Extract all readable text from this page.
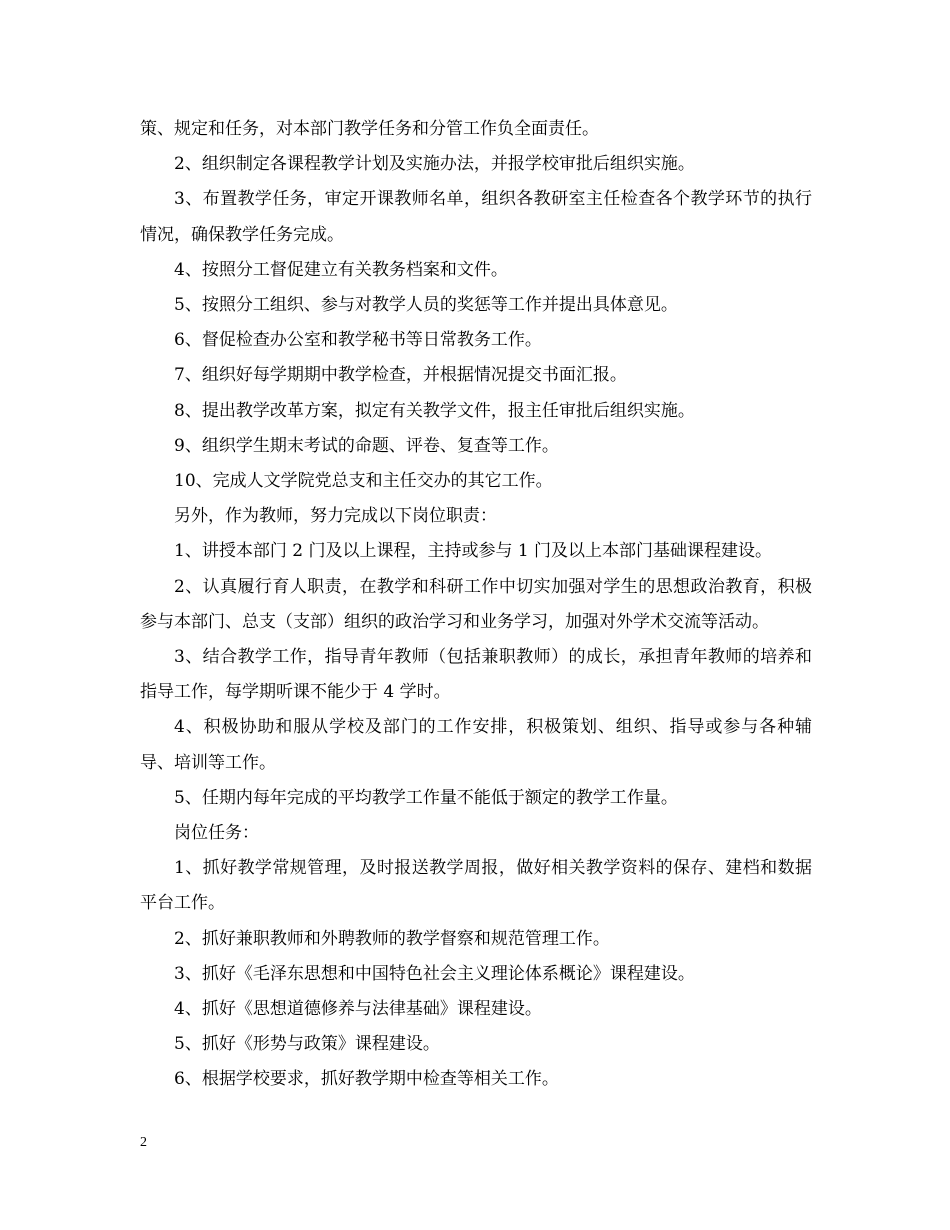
策、规定和任务，对本部门教学任务和分管工作负全面责任。

2、组织制定各课程教学计划及实施办法，并报学校审批后组织实施。

3、布置教学任务，审定开课教师名单，组织各教研室主任检查各个教学环节的执行情况，确保教学任务完成。

4、按照分工督促建立有关教务档案和文件。

5、按照分工组织、参与对教学人员的奖惩等工作并提出具体意见。

6、督促检查办公室和教学秘书等日常教务工作。

7、组织好每学期期中教学检查，并根据情况提交书面汇报。

8、提出教学改革方案，拟定有关教学文件，报主任审批后组织实施。

9、组织学生期末考试的命题、评卷、复查等工作。

10、完成人文学院党总支和主任交办的其它工作。

另外，作为教师，努力完成以下岗位职责：

1、讲授本部门 2 门及以上课程，主持或参与 1 门及以上本部门基础课程建设。

2、认真履行育人职责，在教学和科研工作中切实加强对学生的思想政治教育，积极参与本部门、总支（支部）组织的政治学习和业务学习，加强对外学术交流等活动。

3、结合教学工作，指导青年教师（包括兼职教师）的成长，承担青年教师的培养和指导工作，每学期听课不能少于 4 学时。

4、积极协助和服从学校及部门的工作安排，积极策划、组织、指导或参与各种辅导、培训等工作。

5、任期内每年完成的平均教学工作量不能低于额定的教学工作量。

岗位任务：

1、抓好教学常规管理，及时报送教学周报，做好相关教学资料的保存、建档和数据平台工作。

2、抓好兼职教师和外聘教师的教学督察和规范管理工作。

3、抓好《毛泽东思想和中国特色社会主义理论体系概论》课程建设。

4、抓好《思想道德修养与法律基础》课程建设。

5、抓好《形势与政策》课程建设。

6、根据学校要求，抓好教学期中检查等相关工作。

2
